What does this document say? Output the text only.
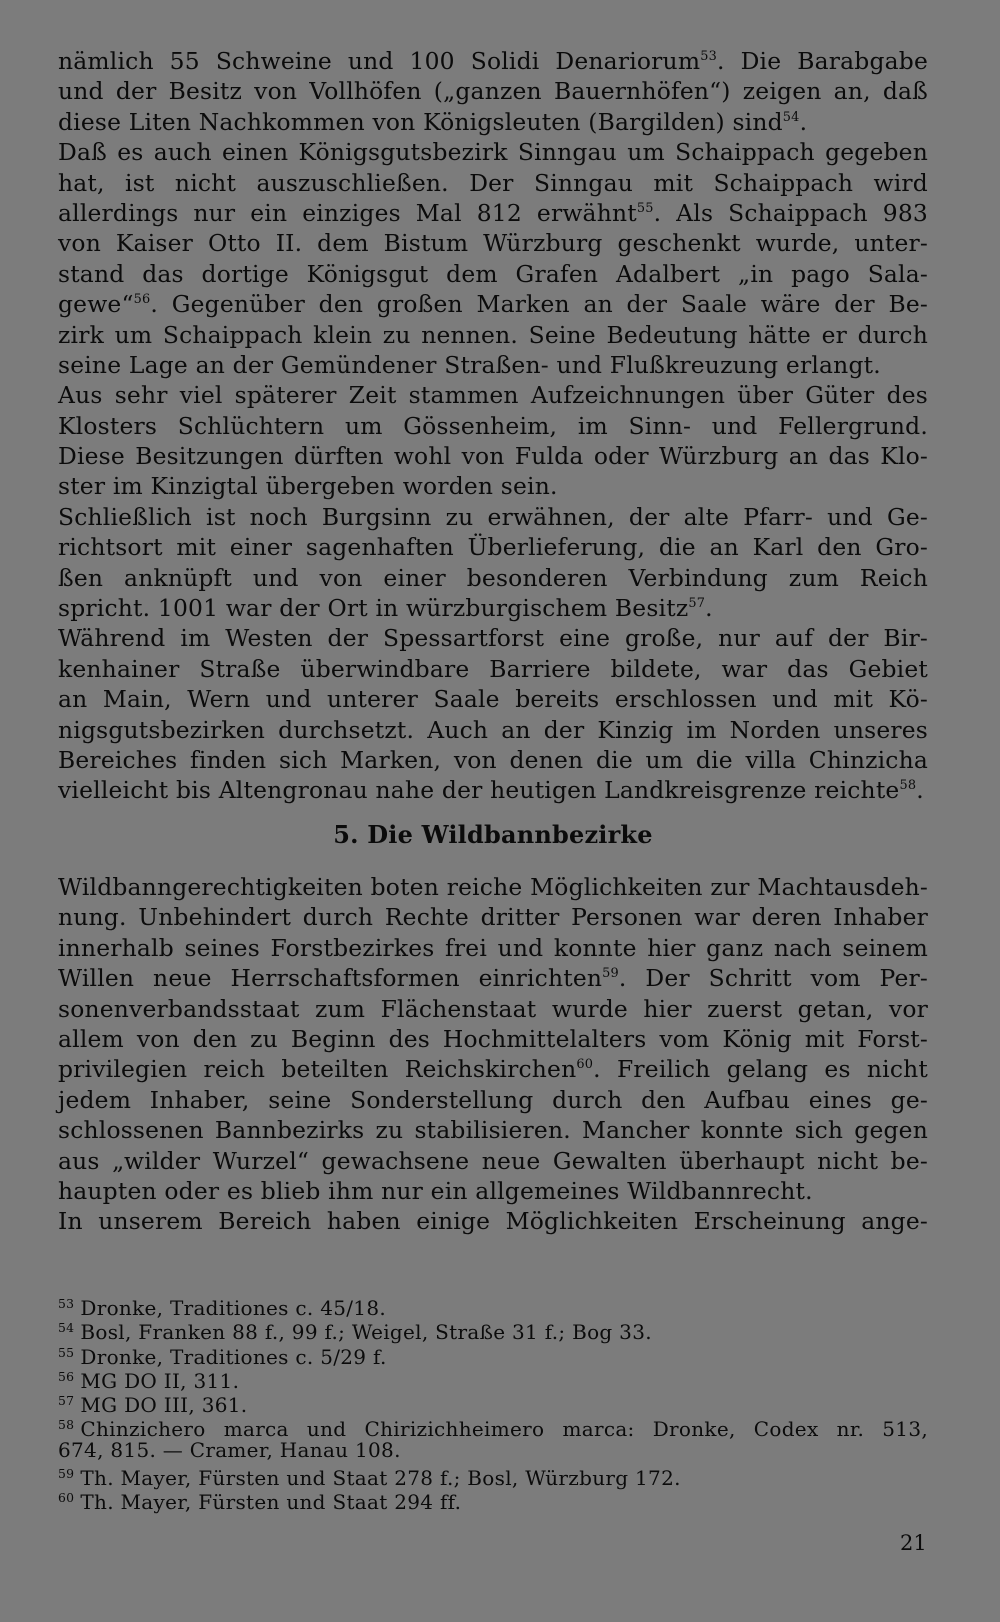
nämlich 55 Schweine und 100 Solidi Denariorum$^{53}$. Die Barabgabe
und der Besitz von Vollhöfen („ganzen Bauernhöfen“) zeigen an, daß
diese Liten Nachkommen von Königsleuten (Bargilden) sind$^{54}$.
Daß es auch einen Königsgutsbezirk Sinngau um Schaippach gegeben
hat, ist nicht auszuschließen. Der Sinngau mit Schaippach wird
allerdings nur ein einziges Mal 812 erwähnt$^{55}$. Als Schaippach 983
von Kaiser Otto II. dem Bistum Würzburg geschenkt wurde, unter-
stand das dortige Königsgut dem Grafen Adalbert „in pago Sala-
gewe“$^{56}$. Gegenüber den großen Marken an der Saale wäre der Be-
zirk um Schaippach klein zu nennen. Seine Bedeutung hätte er durch
seine Lage an der Gemündener Straßen- und Flußkreuzung erlangt.
Aus sehr viel späterer Zeit stammen Aufzeichnungen über Güter des
Klosters Schlüchtern um Gössenheim, im Sinn- und Fellergrund.
Diese Besitzungen dürften wohl von Fulda oder Würzburg an das Klo-
ster im Kinzigtal übergeben worden sein.
Schließlich ist noch Burgsinn zu erwähnen, der alte Pfarr- und Ge-
richtsort mit einer sagenhaften Überlieferung, die an Karl den Gro-
ßen anknüpft und von einer besonderen Verbindung zum Reich
spricht. 1001 war der Ort in würzburgischem Besitz$^{57}$.
Während im Westen der Spessartforst eine große, nur auf der Bir-
kenhainer Straße überwindbare Barriere bildete, war das Gebiet
an Main, Wern und unterer Saale bereits erschlossen und mit Kö-
nigsgutsbezirken durchsetzt. Auch an der Kinzig im Norden unseres
Bereiches finden sich Marken, von denen die um die villa Chinzicha
vielleicht bis Altengronau nahe der heutigen Landkreisgrenze reichte$^{58}$.
5. Die Wildbannbezirke
Wildbanngerechtigkeiten boten reiche Möglichkeiten zur Machtausdeh-
nung. Unbehindert durch Rechte dritter Personen war deren Inhaber
innerhalb seines Forstbezirkes frei und konnte hier ganz nach seinem
Willen neue Herrschaftsformen einrichten$^{59}$. Der Schritt vom Per-
sonenverbandsstaat zum Flächenstaat wurde hier zuerst getan, vor
allem von den zu Beginn des Hochmittelalters vom König mit Forst-
privilegien reich beteilten Reichskirchen$^{60}$. Freilich gelang es nicht
jedem Inhaber, seine Sonderstellung durch den Aufbau eines ge-
schlossenen Bannbezirks zu stabilisieren. Mancher konnte sich gegen
aus „wilder Wurzel“ gewachsene neue Gewalten überhaupt nicht be-
haupten oder es blieb ihm nur ein allgemeines Wildbannrecht.
In unserem Bereich haben einige Möglichkeiten Erscheinung ange-
$^{53}$ Dronke, Traditiones c. 45/18.
$^{54}$ Bosl, Franken 88 f., 99 f.; Weigel, Straße 31 f.; Bog 33.
$^{55}$ Dronke, Traditiones c. 5/29 f.
$^{56}$ MG DO II, 311.
$^{57}$ MG DO III, 361.
$^{58}$ Chinzichero marca und Chirizichheimero marca: Dronke, Codex nr. 513,
674, 815. — Cramer, Hanau 108.
$^{59}$ Th. Mayer, Fürsten und Staat 278 f.; Bosl, Würzburg 172.
$^{60}$ Th. Mayer, Fürsten und Staat 294 ff.
21
